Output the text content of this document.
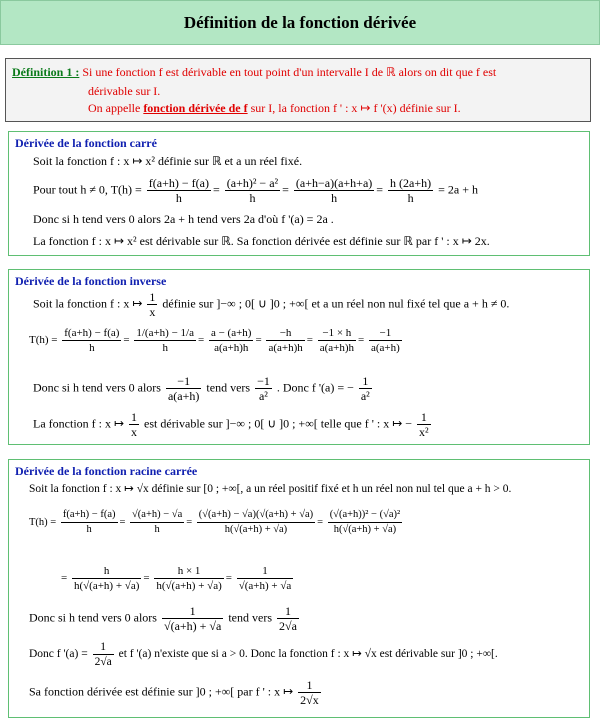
Définition de la fonction dérivée
Définition 1 : Si une fonction f est dérivable en tout point d'un intervalle I de ℝ alors on dit que f est
dérivable sur I.
On appelle fonction dérivée de f sur I, la fonction f ' : x ↦ f '(x) définie sur I.
Dérivée de la fonction carré
Soit la fonction f : x ↦ x² définie sur ℝ et a un réel fixé.
Pour tout h ≠ 0, $T(h) = \frac{f(a+h) - f(a)}{h} = \frac{\text{(a+h)² − a²}}{h} = \frac{(a+h-a)(a+h+a)}{h} = \frac{h (2a+h)}{h} = 2a + h$
Donc si h tend vers 0 alors 2a + h tend vers 2a d'où f '(a) = 2a .
La fonction f : x ↦ x² est dérivable sur ℝ. Sa fonction dérivée est définie sur ℝ par f ' : x ↦ 2x.
Dérivée de la fonction inverse
Soit la fonction f : x ↦ $\frac{1}{x}$ définie sur ]−∞ ; 0[ ∪ ]0 ; +∞[ et a un réel non nul fixé tel que a + h ≠ 0.
$T(h) = \frac{f(a+h) - f(a)}{h} = \frac{1/(a+h) - 1/a}{h} = \frac{a - (a+h)}{a(a+h)h} = \frac{-h}{a(a+h)h} = \frac{-1 \times h}{a(a+h)h} = \frac{-1}{a(a+h)}$
Donc si h tend vers 0 alors $\frac{-1}{a(a+h)}$ tend vers $\frac{-1}{\text{a²}}$ . Donc f '(a) = − $\frac{1}{\text{a²}}$
La fonction f : x ↦ $\frac{1}{x}$ est dérivable sur ]−∞ ; 0[ ∪ ]0 ; +∞[ telle que f ' : x ↦ − $\frac{1}{\text{x²}}$
Dérivée de la fonction racine carrée
Soit la fonction f : x ↦ √x définie sur [0 ; +∞[, a un réel positif fixé et h un réel non nul tel que a + h > 0.
$T(h) = \frac{f(a+h) - f(a)}{h} = \frac{√(a+h) - √a}{h} = \frac{(√(a+h) - √a)(√(a+h) + √a)}{h(√(a+h) + √a)} = \frac{\text{(√(a+h))² − (√a)²}}{h(√(a+h) + √a)}$
= $\frac{h}{h(√(a+h) + √a)} = \frac{h \times 1}{h(√(a+h) + √a)} = \frac{1}{√(a+h) + √a}$
Donc si h tend vers 0 alors $\frac{1}{√(a+h) + √a}$ tend vers $\frac{1}{2√a}$
Donc f '$(a) = \frac{1}{2√a}$ et f '(a) n'existe que si a > 0. Donc la fonction f : x ↦ √x est dérivable sur ]0 ; +∞[.
Sa fonction dérivée est définie sur ]0 ; +∞[ par f ' : x ↦ $\frac{1}{2√x}$
